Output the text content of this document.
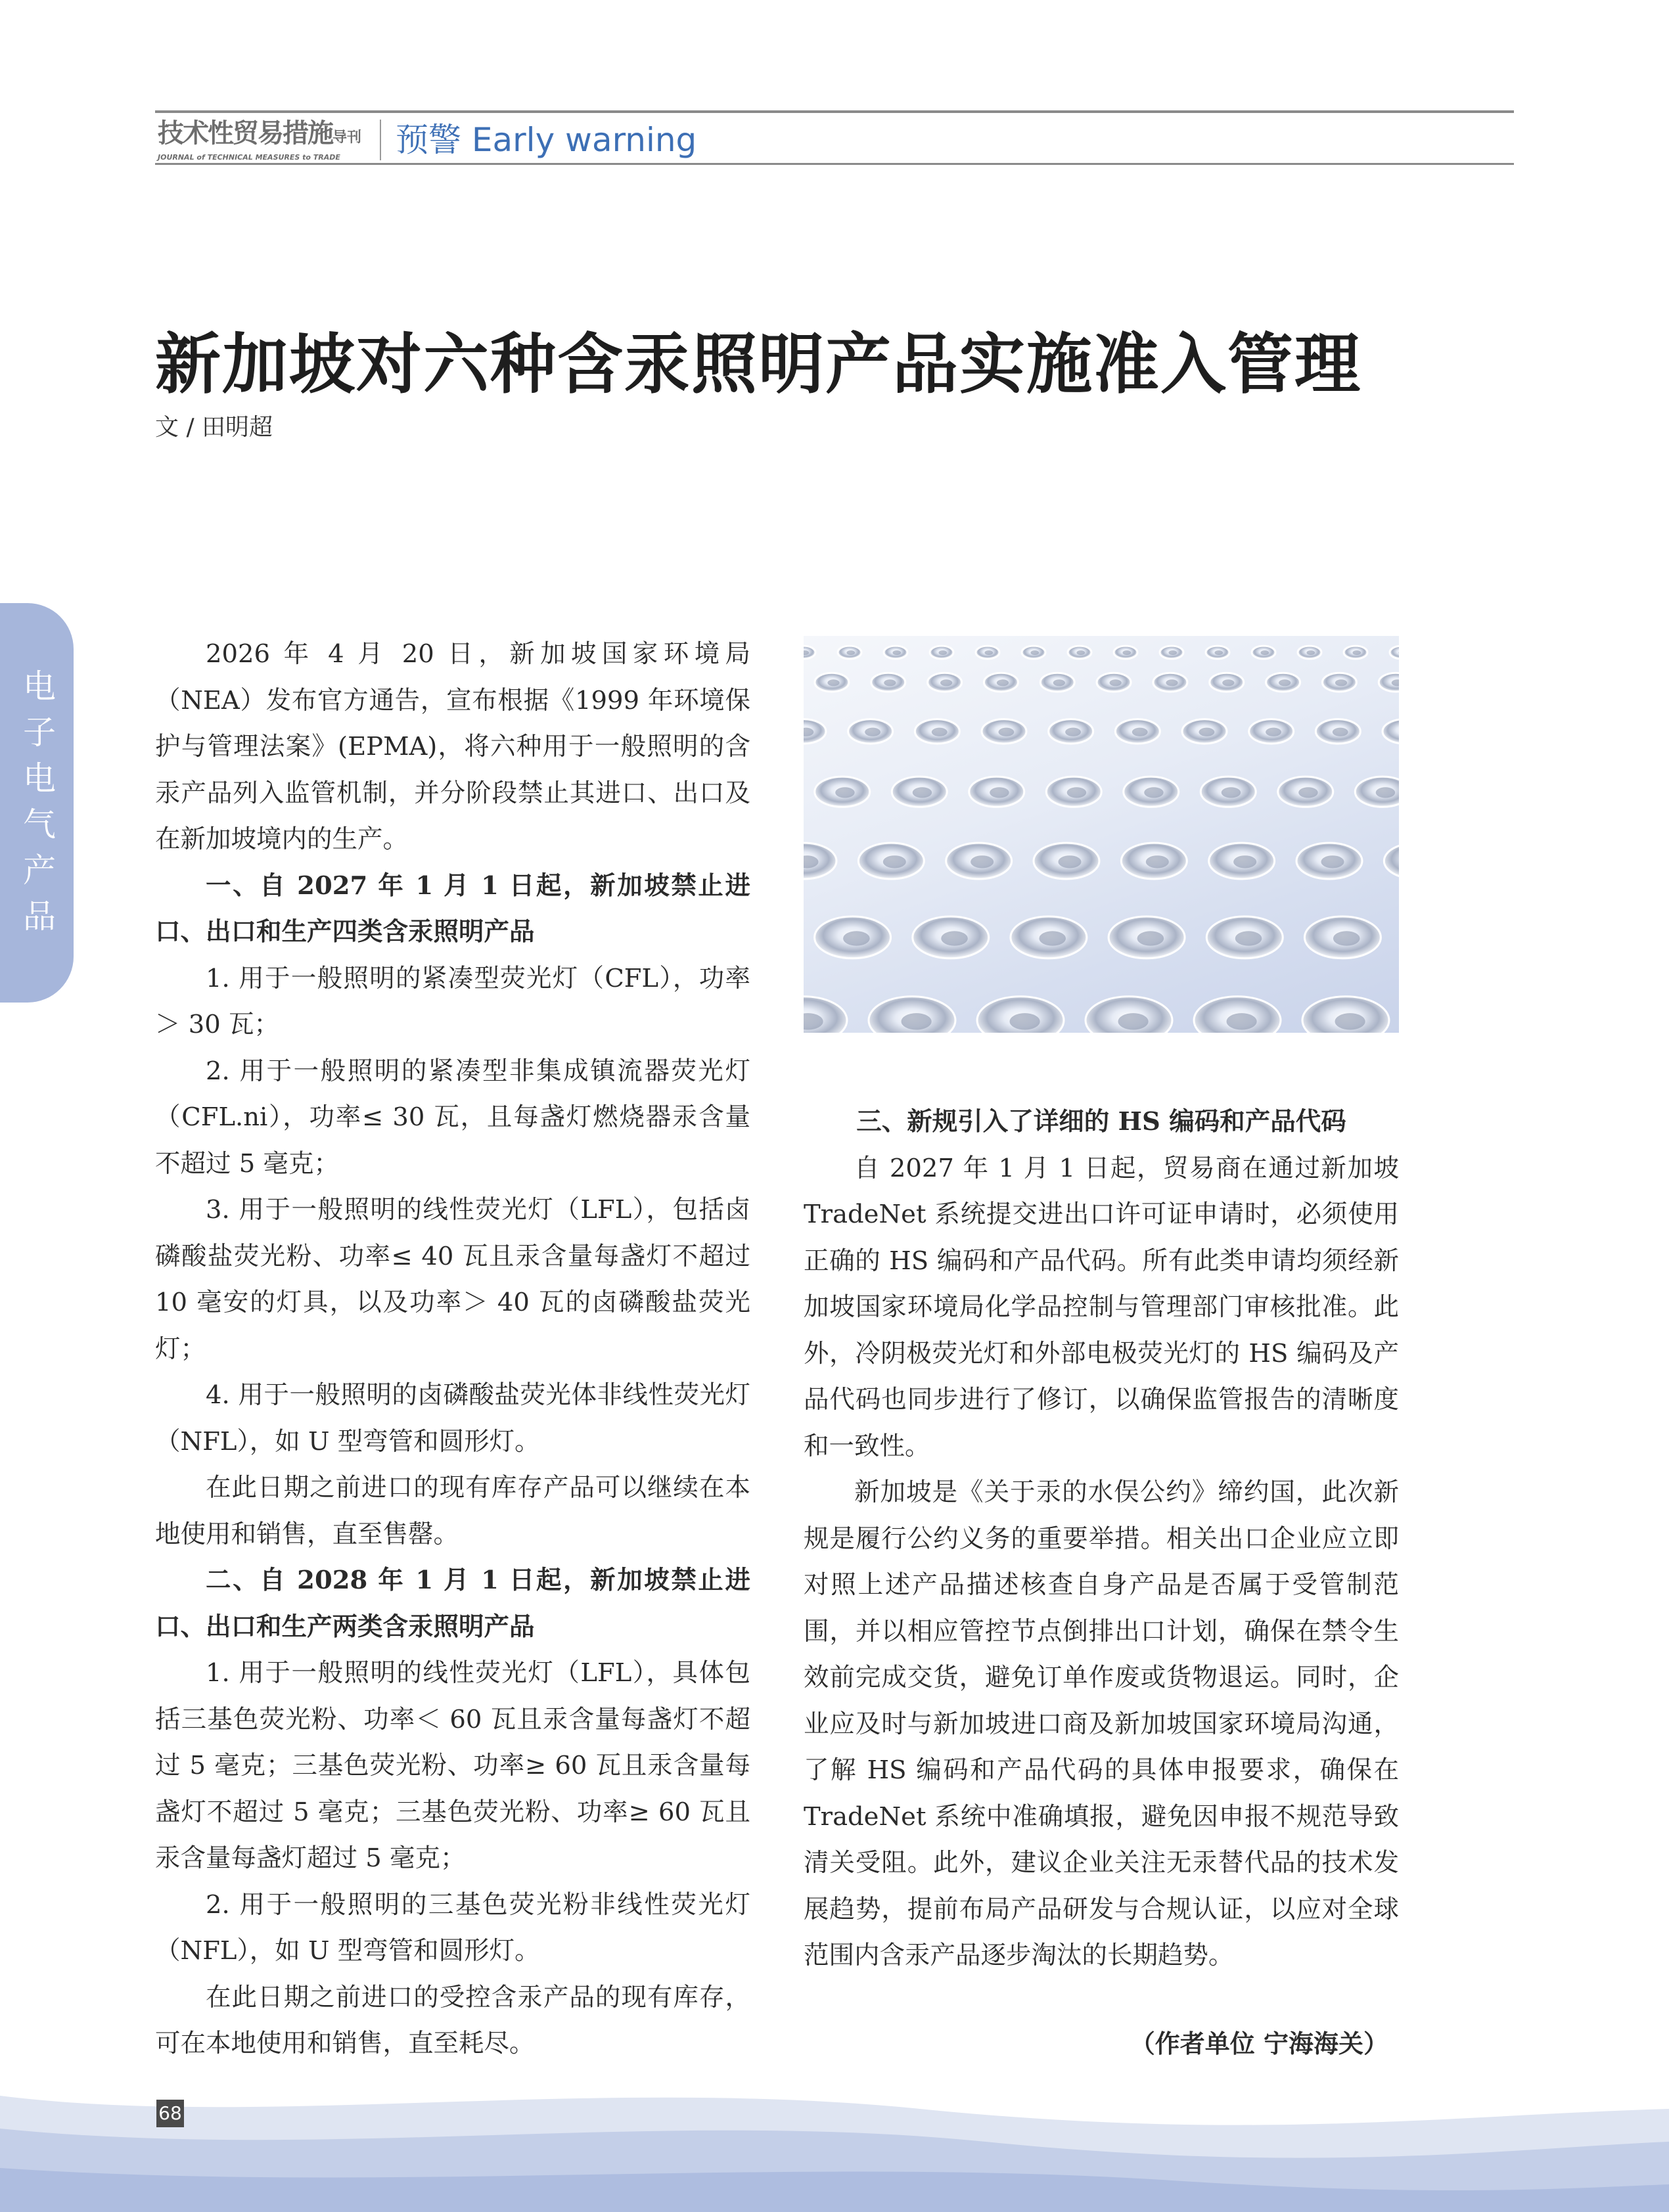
技术性贸易措施导刊
JOURNAL of TECHNICAL MEASURES to TRADE	预警 Early warning
新加坡对六种含汞照明产品实施准入管理
文 / 田明超
电子电气产品

2026 年 4 月 20 日，新加坡国家环境局（NEA）发布官方通告，宣布根据《1999 年环境保护与管理法案》(EPMA)，将六种用于一般照明的含汞产品列入监管机制，并分阶段禁止其进口、出口及在新加坡境内的生产。

一、自 2027 年 1 月 1 日起，新加坡禁止进口、出口和生产四类含汞照明产品

1. 用于一般照明的紧凑型荧光灯（CFL），功率＞ 30 瓦；

2. 用于一般照明的紧凑型非集成镇流器荧光灯（CFL.ni），功率≤ 30 瓦，且每盏灯燃烧器汞含量不超过 5 毫克；

3. 用于一般照明的线性荧光灯（LFL），包括卤磷酸盐荧光粉、功率≤ 40 瓦且汞含量每盏灯不超过 10 毫安的灯具，以及功率＞ 40 瓦的卤磷酸盐荧光灯；

4. 用于一般照明的卤磷酸盐荧光体非线性荧光灯（NFL），如 U 型弯管和圆形灯。

在此日期之前进口的现有库存产品可以继续在本地使用和销售，直至售罄。

二、自 2028 年 1 月 1 日起，新加坡禁止进口、出口和生产两类含汞照明产品

1. 用于一般照明的线性荧光灯（LFL），具体包括三基色荧光粉、功率＜ 60 瓦且汞含量每盏灯不超过 5 毫克；三基色荧光粉、功率≥ 60 瓦且汞含量每盏灯不超过 5 毫克；三基色荧光粉、功率≥ 60 瓦且汞含量每盏灯超过 5 毫克；

2. 用于一般照明的三基色荧光粉非线性荧光灯（NFL），如 U 型弯管和圆形灯。

在此日期之前进口的受控含汞产品的现有库存，可在本地使用和销售，直至耗尽。

三、新规引入了详细的 HS 编码和产品代码

自 2027 年 1 月 1 日起，贸易商在通过新加坡 TradeNet 系统提交进出口许可证申请时，必须使用正确的 HS 编码和产品代码。所有此类申请均须经新加坡国家环境局化学品控制与管理部门审核批准。此外，冷阴极荧光灯和外部电极荧光灯的 HS 编码及产品代码也同步进行了修订，以确保监管报告的清晰度和一致性。

新加坡是《关于汞的水俣公约》缔约国，此次新规是履行公约义务的重要举措。相关出口企业应立即对照上述产品描述核查自身产品是否属于受管制范围，并以相应管控节点倒排出口计划，确保在禁令生效前完成交货，避免订单作废或货物退运。同时，企业应及时与新加坡进口商及新加坡国家环境局沟通，了解 HS 编码和产品代码的具体申报要求，确保在 TradeNet 系统中准确填报，避免因申报不规范导致清关受阻。此外，建议企业关注无汞替代品的技术发展趋势，提前布局产品研发与合规认证，以应对全球范围内含汞产品逐步淘汰的长期趋势。

（作者单位 宁海海关）
68
